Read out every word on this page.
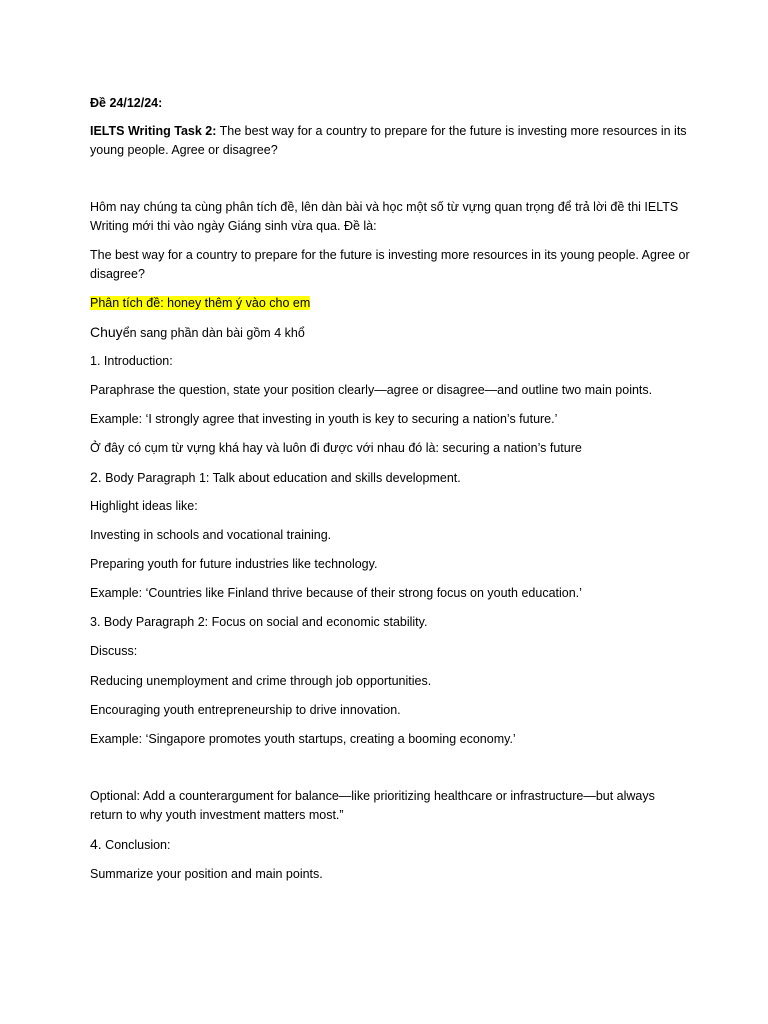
Đề 24/12/24:

IELTS Writing Task 2: The best way for a country to prepare for the future is investing more resources in its young people. Agree or disagree?

Hôm nay chúng ta cùng phân tích đề, lên dàn bài và học một số từ vựng quan trọng để trả lời đề thi IELTS Writing mới thi vào ngày Giáng sinh vừa qua. Đề là:

The best way for a country to prepare for the future is investing more resources in its young people. Agree or disagree?

Phân tích đề: honey thêm ý vào cho em

Chuyển sang phần dàn bài gồm 4 khổ

1. Introduction:

Paraphrase the question, state your position clearly—agree or disagree—and outline two main points.

Example: ‘I strongly agree that investing in youth is key to securing a nation’s future.’

Ở đây có cụm từ vựng khá hay và luôn đi được với nhau đó là: securing a nation’s future

2. Body Paragraph 1: Talk about education and skills development.

Highlight ideas like:

Investing in schools and vocational training.

Preparing youth for future industries like technology.

Example: ‘Countries like Finland thrive because of their strong focus on youth education.’

3. Body Paragraph 2: Focus on social and economic stability.

Discuss:

Reducing unemployment and crime through job opportunities.

Encouraging youth entrepreneurship to drive innovation.

Example: ‘Singapore promotes youth startups, creating a booming economy.’

Optional: Add a counterargument for balance—like prioritizing healthcare or infrastructure—but always return to why youth investment matters most.”

4. Conclusion:

Summarize your position and main points.
